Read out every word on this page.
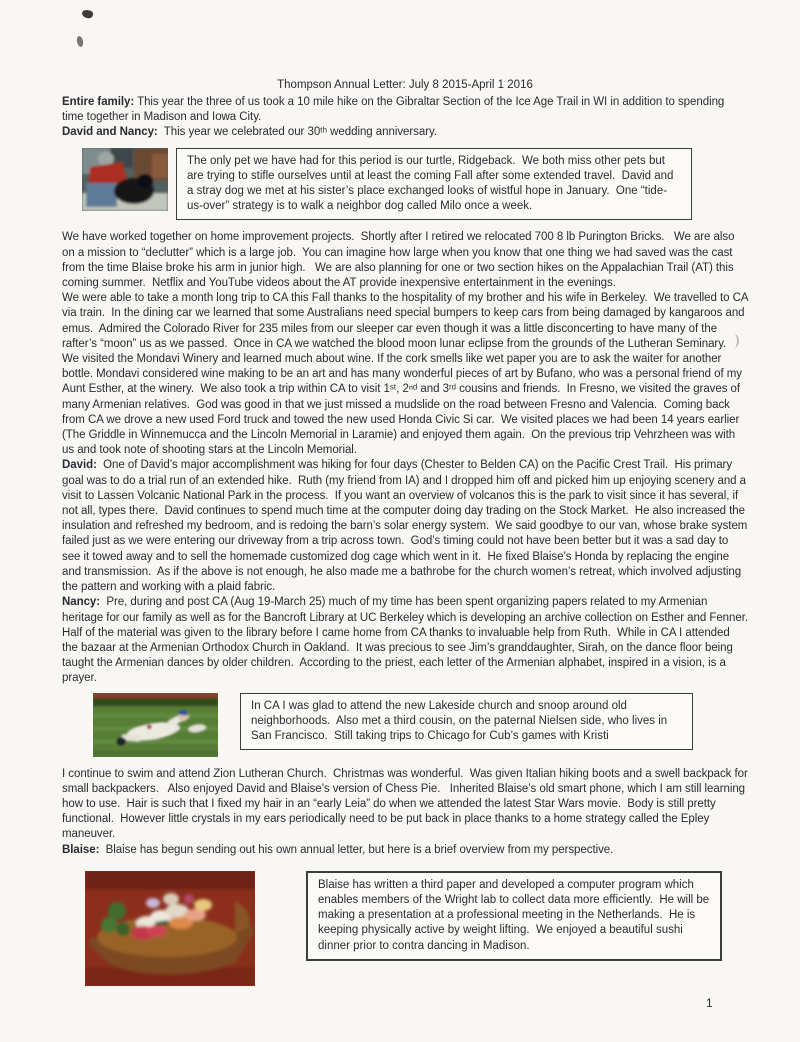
Thompson Annual Letter: July 8 2015-April 1 2016

Entire family: This year the three of us took a 10 mile hike on the Gibraltar Section of the Ice Age Trail in WI in addition to spending time together in Madison and Iowa City.

David and Nancy:  This year we celebrated our 30ᵗʰ wedding anniversary.

The only pet we have had for this period is our turtle, Ridgeback.  We both miss other pets but are trying to stifle ourselves until at least the coming Fall after some extended travel.  David and a stray dog we met at his sister’s place exchanged looks of wistful hope in January.  One “tide-us-over” strategy is to walk a neighbor dog called Milo once a week.

We have worked together on home improvement projects.  Shortly after I retired we relocated 700 8 lb Purington Bricks.   We are also on a mission to “declutter” which is a large job.  You can imagine how large when you know that one thing we had saved was the cast from the time Blaise broke his arm in junior high.   We are also planning for one or two section hikes on the Appalachian Trail (AT) this coming summer.  Netflix and YouTube videos about the AT provide inexpensive entertainment in the evenings.

We were able to take a month long trip to CA this Fall thanks to the hospitality of my brother and his wife in Berkeley.  We travelled to CA via train.  In the dining car we learned that some Australians need special bumpers to keep cars from being damaged by kangaroos and emus.  Admired the Colorado River for 235 miles from our sleeper car even though it was a little disconcerting to have many of the rafter’s “moon” us as we passed.  Once in CA we watched the blood moon lunar eclipse from the grounds of the Lutheran Seminary.  We visited the Mondavi Winery and learned much about wine. If the cork smells like wet paper you are to ask the waiter for another bottle. Mondavi considered wine making to be an art and has many wonderful pieces of art by Bufano, who was a personal friend of my Aunt Esther, at the winery.  We also took a trip within CA to visit 1ˢᵗ, 2ⁿᵈ and 3ʳᵈ cousins and friends.  In Fresno, we visited the graves of many Armenian relatives.  God was good in that we just missed a mudslide on the road between Fresno and Valencia.  Coming back from CA we drove a new used Ford truck and towed the new used Honda Civic Si car.  We visited places we had been 14 years earlier (The Griddle in Winnemucca and the Lincoln Memorial in Laramie) and enjoyed them again.  On the previous trip Vehrzheen was with us and took note of shooting stars at the Lincoln Memorial.

David:  One of David’s major accomplishment was hiking for four days (Chester to Belden CA) on the Pacific Crest Trail.  His primary goal was to do a trial run of an extended hike.  Ruth (my friend from IA) and I dropped him off and picked him up enjoying scenery and a visit to Lassen Volcanic National Park in the process.  If you want an overview of volcanos this is the park to visit since it has several, if not all, types there.  David continues to spend much time at the computer doing day trading on the Stock Market.  He also increased the insulation and refreshed my bedroom, and is redoing the barn’s solar energy system.  We said goodbye to our van, whose brake system failed just as we were entering our driveway from a trip across town.  God’s timing could not have been better but it was a sad day to see it towed away and to sell the homemade customized dog cage which went in it.  He fixed Blaise’s Honda by replacing the engine and transmission.  As if the above is not enough, he also made me a bathrobe for the church women’s retreat, which involved adjusting the pattern and working with a plaid fabric.

Nancy:  Pre, during and post CA (Aug 19-March 25) much of my time has been spent organizing papers related to my Armenian heritage for our family as well as for the Bancroft Library at UC Berkeley which is developing an archive collection on Esther and Fenner.  Half of the material was given to the library before I came home from CA thanks to invaluable help from Ruth.  While in CA I attended the bazaar at the Armenian Orthodox Church in Oakland.  It was precious to see Jim’s granddaughter, Sirah, on the dance floor being taught the Armenian dances by older children.  According to the priest, each letter of the Armenian alphabet, inspired in a vision, is a prayer.

In CA I was glad to attend the new Lakeside church and snoop around old neighborhoods.  Also met a third cousin, on the paternal Nielsen side, who lives in San Francisco.  Still taking trips to Chicago for Cub’s games with Kristi

I continue to swim and attend Zion Lutheran Church.  Christmas was wonderful.  Was given Italian hiking boots and a swell backpack for small backpackers.   Also enjoyed David and Blaise’s version of Chess Pie.   Inherited Blaise’s old smart phone, which I am still learning how to use.  Hair is such that I fixed my hair in an “early Leia” do when we attended the latest Star Wars movie.  Body is still pretty functional.  However little crystals in my ears periodically need to be put back in place thanks to a home strategy called the Epley maneuver.

Blaise:  Blaise has begun sending out his own annual letter, but here is a brief overview from my perspective.

Blaise has written a third paper and developed a computer program which enables members of the Wright lab to collect data more efficiently.  He will be making a presentation at a professional meeting in the Netherlands.  He is keeping physically active by weight lifting.  We enjoyed a beautiful sushi dinner prior to contra dancing in Madison.
1
